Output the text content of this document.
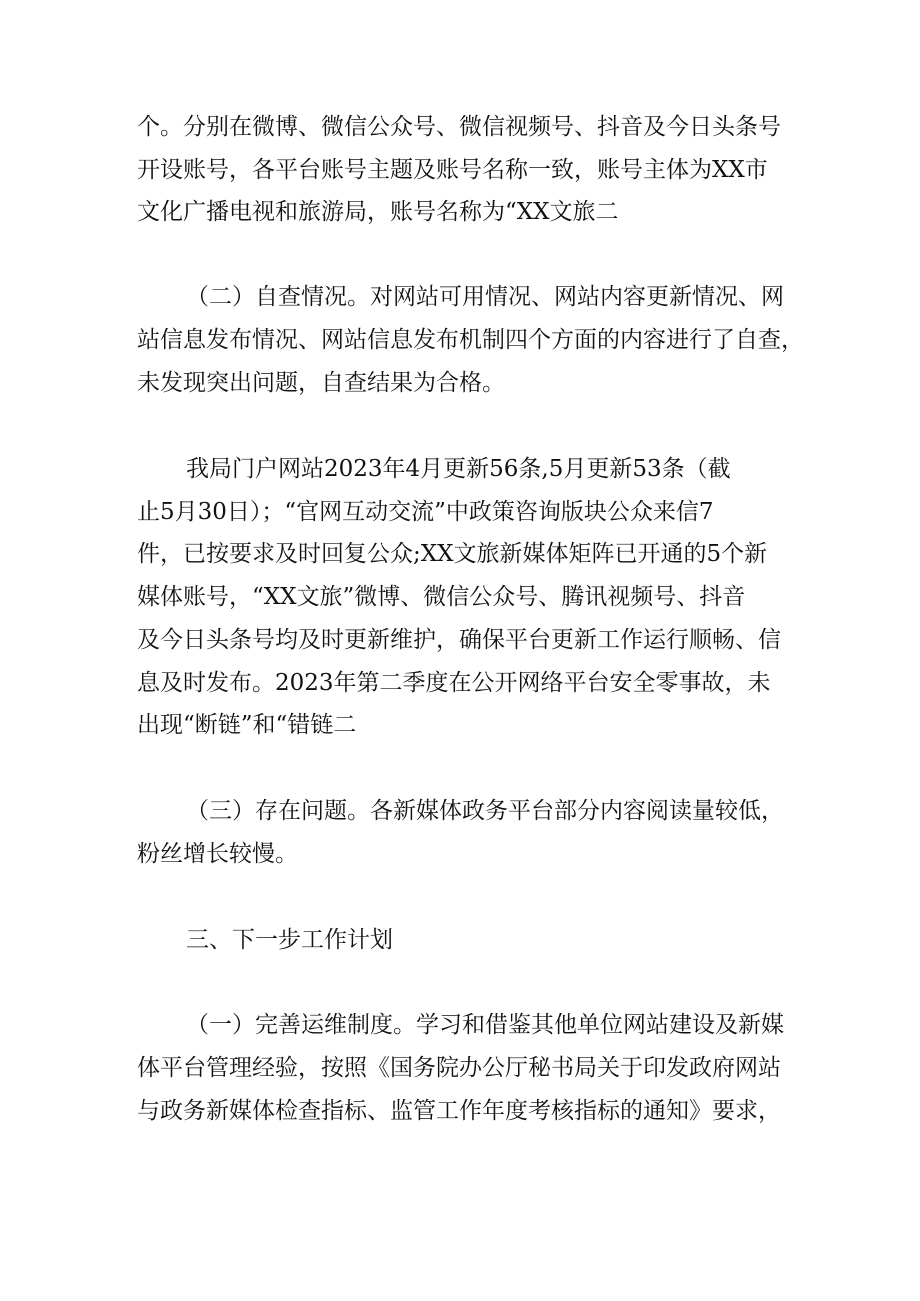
个。分别在微博、微信公众号、微信视频号、抖音及今日头条号
开设账号，各平台账号主题及账号名称一致，账号主体为XX市
文化广播电视和旅游局，账号名称为“XX文旅二
（二）自查情况。对网站可用情况、网站内容更新情况、网
站信息发布情况、网站信息发布机制四个方面的内容进行了自查，
未发现突出问题，自查结果为合格。
我局门户网站2023年4月更新56条,5月更新53条（截
止5月30日）；“官网互动交流”中政策咨询版块公众来信7
件，已按要求及时回复公众;XX文旅新媒体矩阵已开通的5个新
媒体账号，“XX文旅”微博、微信公众号、腾讯视频号、抖音
及今日头条号均及时更新维护，确保平台更新工作运行顺畅、信
息及时发布。2023年第二季度在公开网络平台安全零事故，未
出现“断链”和“错链二
（三）存在问题。各新媒体政务平台部分内容阅读量较低，
粉丝增长较慢。
三、下一步工作计划
（一）完善运维制度。学习和借鉴其他单位网站建设及新媒
体平台管理经验，按照《国务院办公厅秘书局关于印发政府网站
与政务新媒体检查指标、监管工作年度考核指标的通知》要求，
